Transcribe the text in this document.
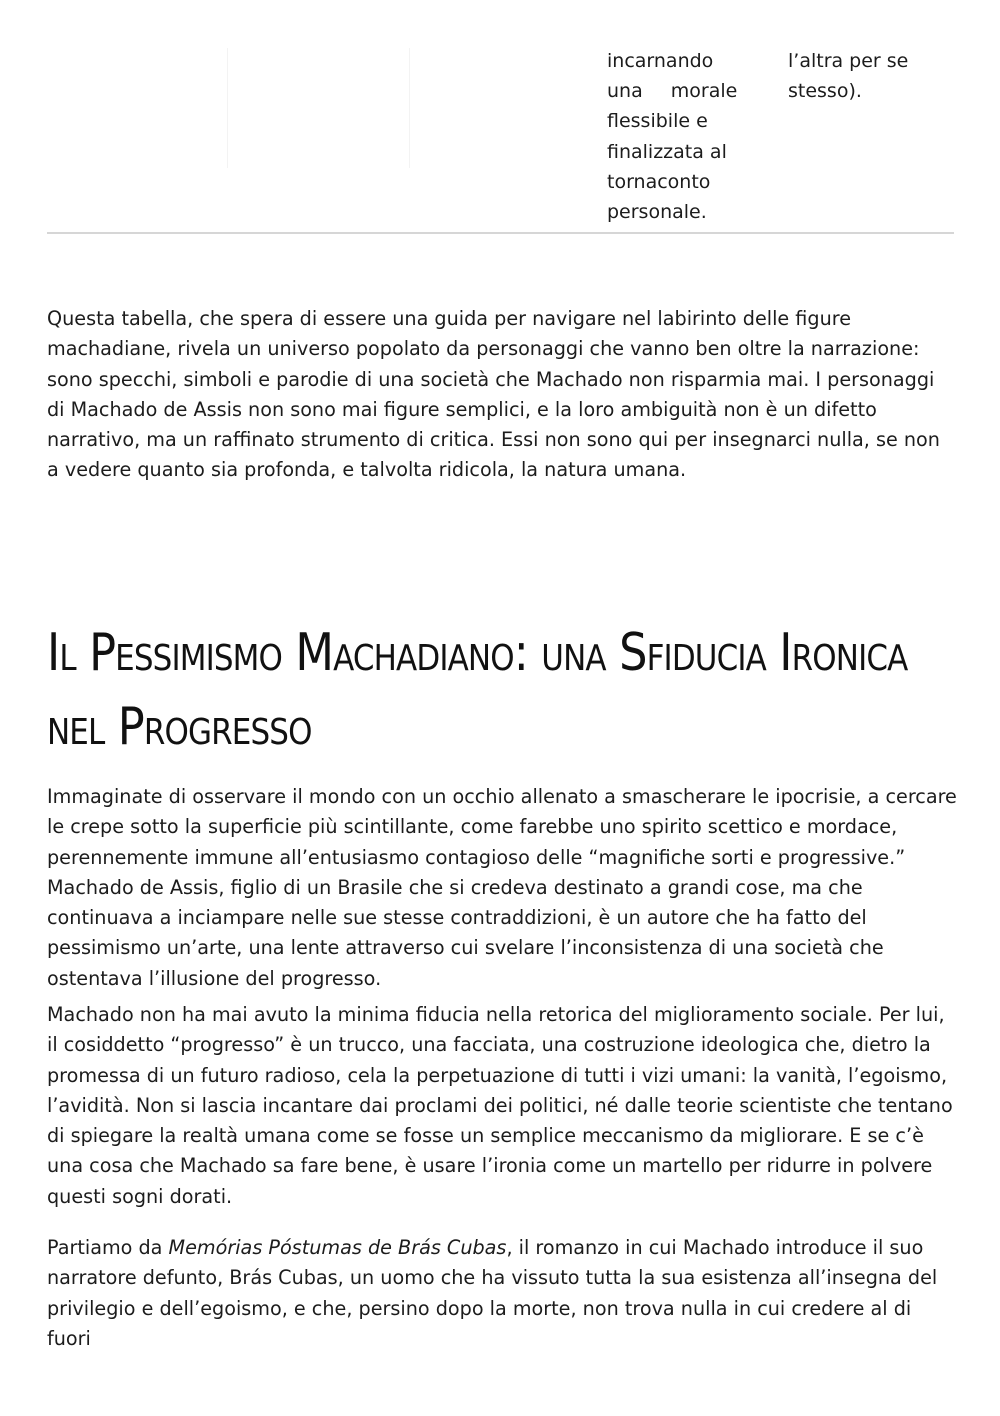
incarnando
una morale
flessibile e
finalizzata al
tornaconto
personale.
l’altra per se
stesso).

Questa tabella, che spera di essere una guida per navigare nel labirinto delle figure machadiane, rivela un universo popolato da personaggi che vanno ben oltre la narrazione: sono specchi, simboli e parodie di una società che Machado non risparmia mai. I personaggi di Machado de Assis non sono mai figure semplici, e la loro ambiguità non è un difetto narrativo, ma un raffinato strumento di critica. Essi non sono qui per insegnarci nulla, se non a vedere quanto sia profonda, e talvolta ridicola, la natura umana.

Il Pessimismo Machadiano: una Sfiducia Ironica nel Progresso

Immaginate di osservare il mondo con un occhio allenato a smascherare le ipocrisie, a cercare le crepe sotto la superficie più scintillante, come farebbe uno spirito scettico e mordace, perennemente immune all’entusiasmo contagioso delle “magnifiche sorti e progressive.” Machado de Assis, figlio di un Brasile che si credeva destinato a grandi cose, ma che continuava a inciampare nelle sue stesse contraddizioni, è un autore che ha fatto del pessimismo un’arte, una lente attraverso cui svelare l’inconsistenza di una società che ostentava l’illusione del progresso.

Machado non ha mai avuto la minima fiducia nella retorica del miglioramento sociale. Per lui, il cosiddetto “progresso” è un trucco, una facciata, una costruzione ideologica che, dietro la promessa di un futuro radioso, cela la perpetuazione di tutti i vizi umani: la vanità, l’egoismo, l’avidità. Non si lascia incantare dai proclami dei politici, né dalle teorie scientiste che tentano di spiegare la realtà umana come se fosse un semplice meccanismo da migliorare. E se c’è una cosa che Machado sa fare bene, è usare l’ironia come un martello per ridurre in polvere questi sogni dorati.

Partiamo da Memórias Póstumas de Brás Cubas, il romanzo in cui Machado introduce il suo narratore defunto, Brás Cubas, un uomo che ha vissuto tutta la sua esistenza all’insegna del privilegio e dell’egoismo, e che, persino dopo la morte, non trova nulla in cui credere al di fuori
